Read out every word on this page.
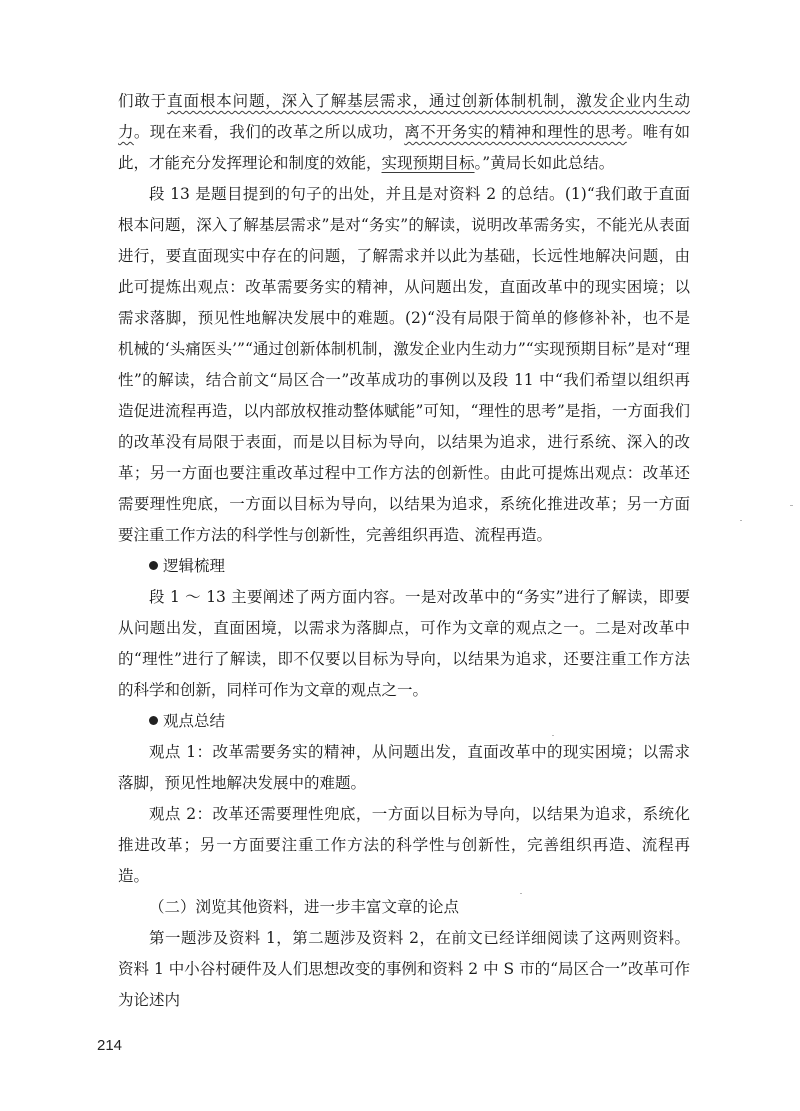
们敢于直面根本问题，深入了解基层需求，通过创新体制机制，激发企业内生动力。现在来看，我们的改革之所以成功，离不开务实的精神和理性的思考。唯有如此，才能充分发挥理论和制度的效能，实现预期目标。”黄局长如此总结。

段 13 是题目提到的句子的出处，并且是对资料 2 的总结。(1)“我们敢于直面根本问题，深入了解基层需求”是对“务实”的解读，说明改革需务实，不能光从表面进行，要直面现实中存在的问题，了解需求并以此为基础，长远性地解决问题，由此可提炼出观点：改革需要务实的精神，从问题出发，直面改革中的现实困境；以需求落脚，预见性地解决发展中的难题。(2)“没有局限于简单的修修补补，也不是机械的‘头痛医头’”“通过创新体制机制，激发企业内生动力”“实现预期目标”是对“理性”的解读，结合前文“局区合一”改革成功的事例以及段 11 中“我们希望以组织再造促进流程再造，以内部放权推动整体赋能”可知，“理性的思考”是指，一方面我们的改革没有局限于表面，而是以目标为导向，以结果为追求，进行系统、深入的改革；另一方面也要注重改革过程中工作方法的创新性。由此可提炼出观点：改革还需要理性兜底，一方面以目标为导向，以结果为追求，系统化推进改革；另一方面要注重工作方法的科学性与创新性，完善组织再造、流程再造。

逻辑梳理

段 1 ～ 13 主要阐述了两方面内容。一是对改革中的“务实”进行了解读，即要从问题出发，直面困境，以需求为落脚点，可作为文章的观点之一。二是对改革中的“理性”进行了解读，即不仅要以目标为导向，以结果为追求，还要注重工作方法的科学和创新，同样可作为文章的观点之一。

观点总结

观点 1：改革需要务实的精神，从问题出发，直面改革中的现实困境；以需求落脚，预见性地解决发展中的难题。

观点 2：改革还需要理性兜底，一方面以目标为导向，以结果为追求，系统化推进改革；另一方面要注重工作方法的科学性与创新性，完善组织再造、流程再造。

（二）浏览其他资料，进一步丰富文章的论点

第一题涉及资料 1，第二题涉及资料 2，在前文已经详细阅读了这两则资料。资料 1 中小谷村硬件及人们思想改变的事例和资料 2 中 S 市的“局区合一”改革可作为论述内

214
